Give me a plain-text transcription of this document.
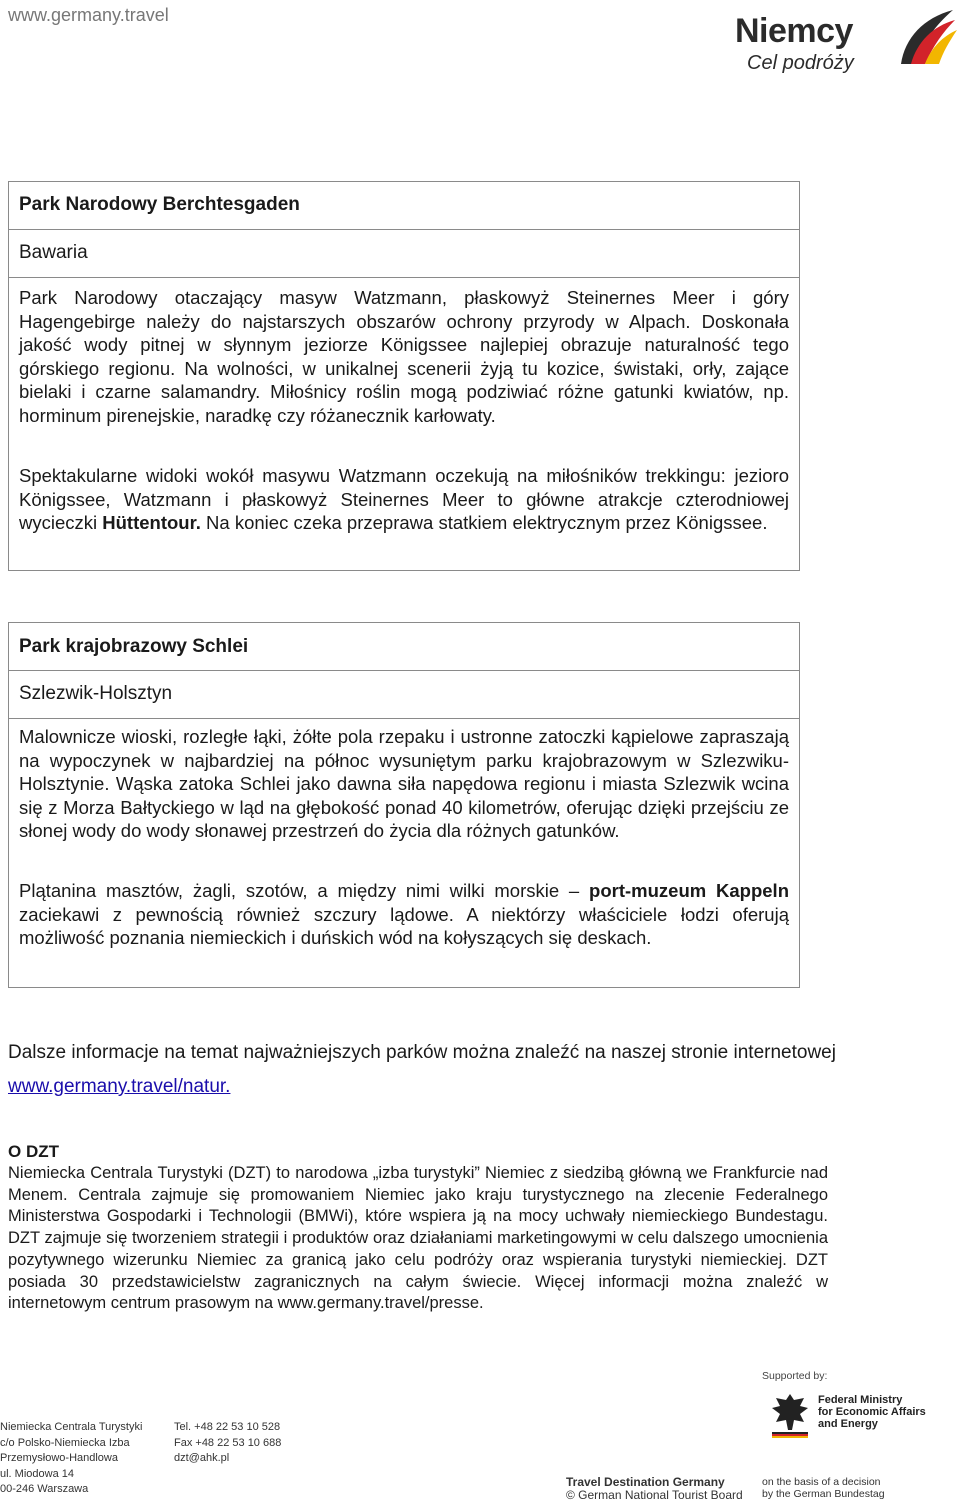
www.germany.travel	Niemcy
Cel podróży
Park Narodowy Berchtesgaden
Bawaria
Park Narodowy otaczający masyw Watzmann, płaskowyż Steinernes Meer i góry Hagengebirge należy do najstarszych obszarów ochrony przyrody w Alpach. Doskonała jakość wody pitnej w słynnym jeziorze Königssee najlepiej obrazuje naturalność tego górskiego regionu. Na wolności, w unikalnej scenerii żyją tu kozice, świstaki, orły, zające bielaki i czarne salamandry. Miłośnicy roślin mogą podziwiać różne gatunki kwiatów, np. horminum pirenejskie, naradkę czy różanecznik karłowaty.
Spektakularne widoki wokół masywu Watzmann oczekują na miłośników trekkingu: jezioro Königssee, Watzmann i płaskowyż Steinernes Meer to główne atrakcje czterodniowej wycieczki Hüttentour. Na koniec czeka przeprawa statkiem elektrycznym przez Königssee.
Park krajobrazowy Schlei
Szlezwik-Holsztyn
Malownicze wioski, rozległe łąki, żółte pola rzepaku i ustronne zatoczki kąpielowe zapraszają na wypoczynek w najbardziej na północ wysuniętym parku krajobrazowym w Szlezwiku-Holsztynie. Wąska zatoka Schlei jako dawna siła napędowa regionu i miasta Szlezwik wcina się z Morza Bałtyckiego w ląd na głębokość ponad 40 kilometrów, oferując dzięki przejściu ze słonej wody do wody słonawej przestrzeń do życia dla różnych gatunków.
Plątanina masztów, żagli, szotów, a między nimi wilki morskie – port-muzeum Kappeln zaciekawi z pewnością również szczury lądowe. A niektórzy właściciele łodzi oferują możliwość poznania niemieckich i duńskich wód na kołyszących się deskach.
Dalsze informacje na temat najważniejszych parków można znaleźć na naszej stronie internetowej www.germany.travel/natur.
O DZT
Niemiecka Centrala Turystyki (DZT) to narodowa „izba turystyki” Niemiec z siedzibą główną we Frankfurcie nad Menem. Centrala zajmuje się promowaniem Niemiec jako kraju turystycznego na zlecenie Federalnego Ministerstwa Gospodarki i Technologii (BMWi), które wspiera ją na mocy uchwały niemieckiego Bundestagu. DZT zajmuje się tworzeniem strategii i produktów oraz działaniami marketingowymi w celu dalszego umocnienia pozytywnego wizerunku Niemiec za granicą jako celu podróży oraz wspierania turystyki niemieckiej. DZT posiada 30 przedstawicielstw zagranicznych na całym świecie. Więcej informacji można znaleźć w internetowym centrum prasowym na www.germany.travel/presse.
Niemiecka Centrala Turystyki
c/o Polsko-Niemiecka Izba
Przemysłowo-Handlowa
ul. Miodowa 14
00-246 Warszawa
Tel. +48 22 53 10 528
Fax +48 22 53 10 688
dzt@ahk.pl
Supported by:
Federal Ministry
for Economic Affairs
and Energy
Travel Destination Germany
© German National Tourist Board
on the basis of a decision
by the German Bundestag
